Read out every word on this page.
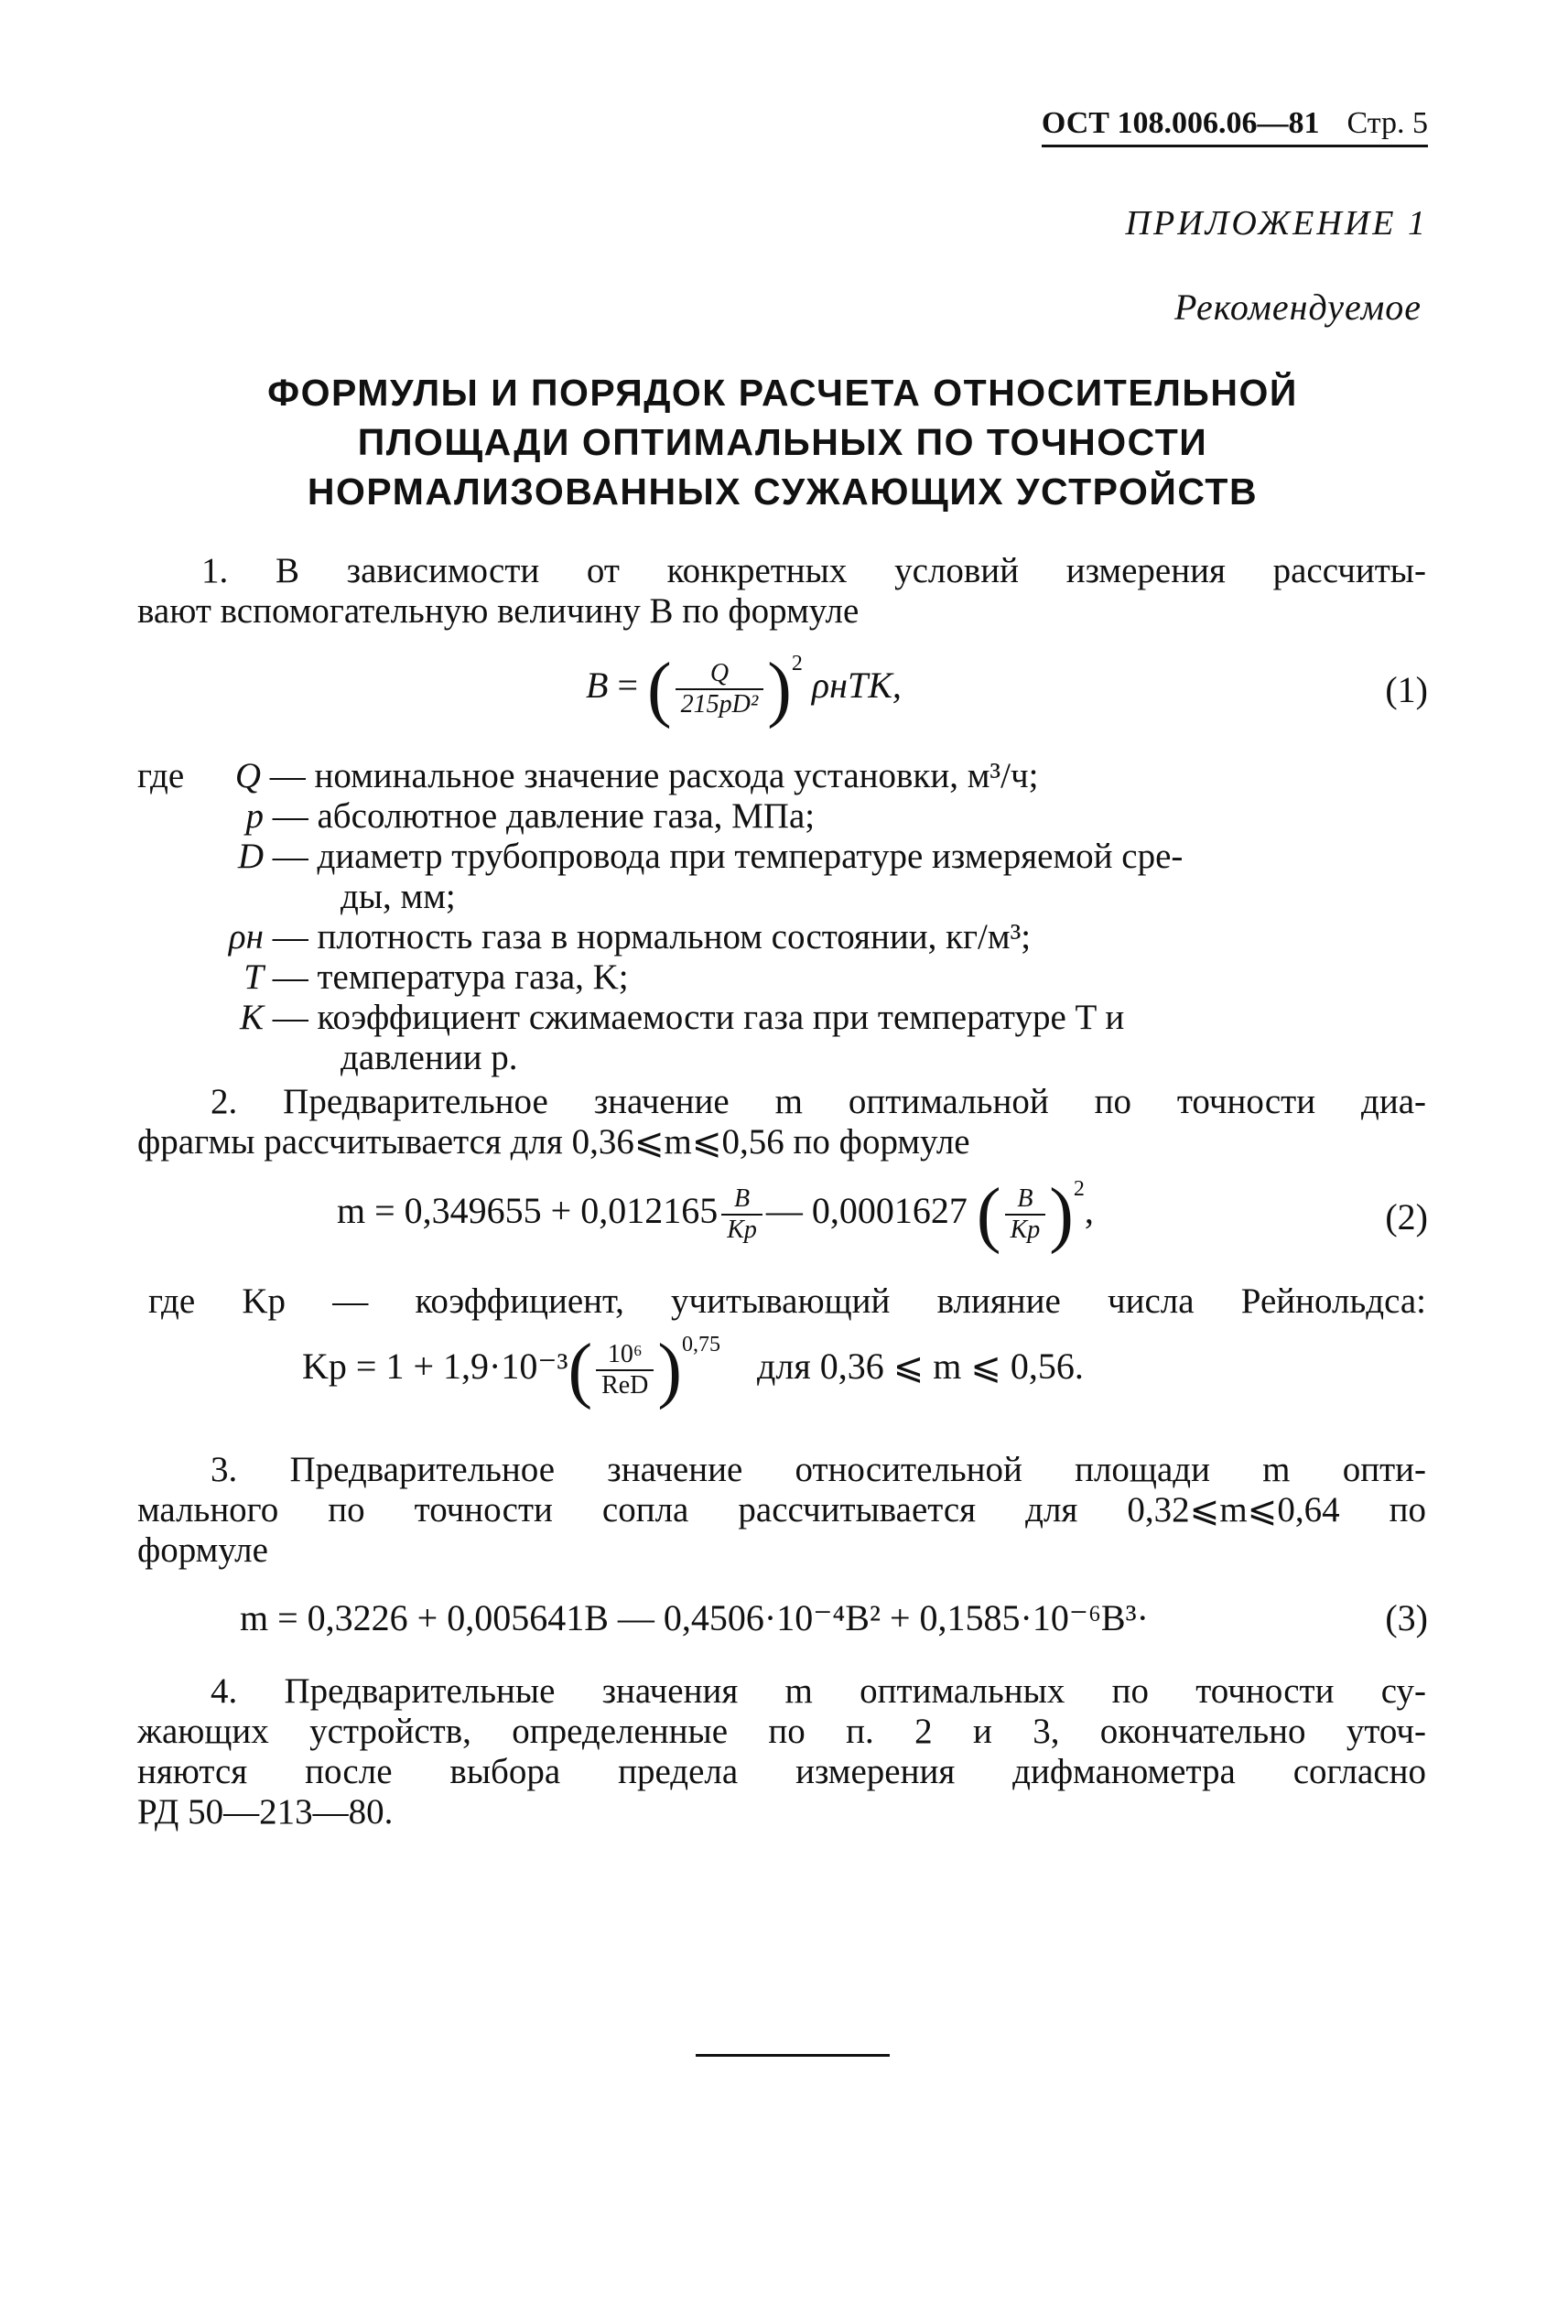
ОСТ 108.006.06—81 Стр. 5
ПРИЛОЖЕНИЕ 1
Рекомендуемое
ФОРМУЛЫ И ПОРЯДОК РАСЧЕТА ОТНОСИТЕЛЬНОЙ
ПЛОЩАДИ ОПТИМАЛЬНЫХ ПО ТОЧНОСТИ
НОРМАЛИЗОВАННЫХ СУЖАЮЩИХ УСТРОЙСТВ
1. В зависимости от конкретных условий измерения рассчиты-
вают вспомогательную величину B по формуле
B = ( $\frac{Q}{\text{215pD²}} )^2$ ρнTK,	(1)
где Q — номинальное значение расхода установки, м³/ч;
p — абсолютное давление газа, МПа;
D — диаметр трубопровода при температуре измеряемой сре-
ды, мм;
ρн — плотность газа в нормальном состоянии, кг/м³;
T — температура газа, K;
K — коэффициент сжимаемости газа при температуре T и
давлении p.
2. Предварительное значение m оптимальной по точности диа-
фрагмы рассчитывается для 0,36⩽m⩽0,56 по формуле
$m = 0,349655 + 0,012165 \frac{B}{Kp}$ — 0,0001627 ( $\frac{B}{Kp} )^2$,	(2)
где Kр — коэффициент, учитывающий влияние числа Рейнольдса:
Kр = $1 + 1,9\cdot 10^{-3}( \frac{\text{10⁶}}{\text{ReD}} )^{0,75}$ для 0,36 ⩽ m ⩽ 0,56.
3. Предварительное значение относительной площади m опти-
мального по точности сопла рассчитывается для 0,32⩽m⩽0,64 по
формуле
m = 0,3226 + 0,005641B — 0,4506·10⁻⁴B² + 0,1585·10⁻⁶B³·	(3)
4. Предварительные значения m оптимальных по точности су-
жающих устройств, определенные по п. 2 и 3, окончательно уточ-
няются после выбора предела измерения дифманометра согласно
РД 50—213—80.
